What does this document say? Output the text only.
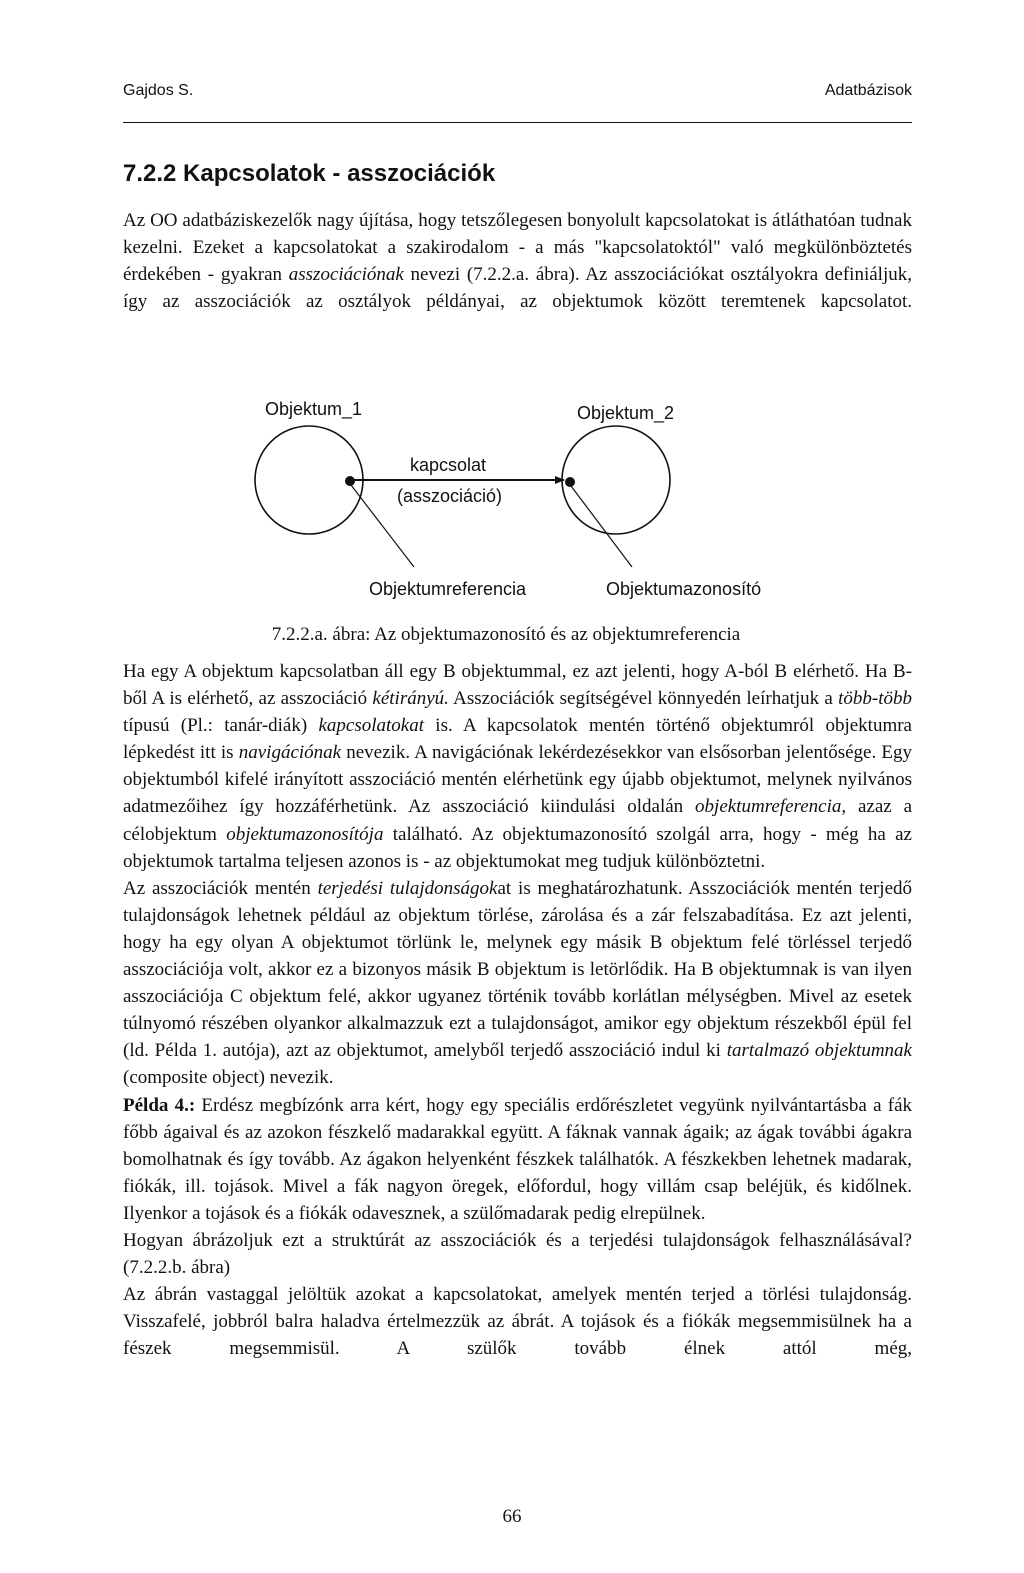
Gajdos S.	Adatbázisok
7.2.2 Kapcsolatok - asszociációk

Az OO adatbáziskezelők nagy újítása, hogy tetszőlegesen bonyolult kapcsolatokat is átláthatóan tudnak kezelni. Ezeket a kapcsolatokat a szakirodalom - a más "kapcsolatoktól" való megkülönböztetés érdekében - gyakran asszociációnak nevezi (7.2.2.a. ábra). Az asszociációkat osztályokra definiáljuk, így az asszociációk az osztályok példányai, az objektumok között teremtenek kapcsolatot.

Objektum_1	Objektum_2
kapcsolat
(asszociáció)
Objektumreferencia	Objektumazonosító
7.2.2.a. ábra: Az objektumazonosító és az objektumreferencia

Ha egy A objektum kapcsolatban áll egy B objektummal, ez azt jelenti, hogy A-ból B elérhető. Ha B-ből A is elérhető, az asszociáció kétirányú. Asszociációk segítségével könnyedén leírhatjuk a több-több típusú (Pl.: tanár-diák) kapcsolatokat is. A kapcsolatok mentén történő objektumról objektumra lépkedést itt is navigációnak nevezik. A navigációnak lekérdezésekkor van elsősorban jelentősége. Egy objektumból kifelé irányított asszociáció mentén elérhetünk egy újabb objektumot, melynek nyilvános adatmezőihez így hozzáférhetünk. Az asszociáció kiindulási oldalán objektumreferencia, azaz a célobjektum objektumazonosítója található. Az objektumazonosító szolgál arra, hogy - még ha az objektumok tartalma teljesen azonos is - az objektumokat meg tudjuk különböztetni.

Az asszociációk mentén terjedési tulajdonságokat is meghatározhatunk. Asszociációk mentén terjedő tulajdonságok lehetnek például az objektum törlése, zárolása és a zár felszabadítása. Ez azt jelenti, hogy ha egy olyan A objektumot törlünk le, melynek egy másik B objektum felé törléssel terjedő asszociációja volt, akkor ez a bizonyos másik B objektum is letörlődik. Ha B objektumnak is van ilyen asszociációja C objektum felé, akkor ugyanez történik tovább korlátlan mélységben. Mivel az esetek túlnyomó részében olyankor alkalmazzuk ezt a tulajdonságot, amikor egy objektum részekből épül fel (ld. Példa 1. autója), azt az objektumot, amelyből terjedő asszociáció indul ki tartalmazó objektumnak (composite object) nevezik.

Példa 4.: Erdész megbízónk arra kért, hogy egy speciális erdőrészletet vegyünk nyilvántartásba a fák főbb ágaival és az azokon fészkelő madarakkal együtt. A fáknak vannak ágaik; az ágak további ágakra bomolhatnak és így tovább. Az ágakon helyenként fészkek találhatók. A fészkekben lehetnek madarak, fiókák, ill. tojások. Mivel a fák nagyon öregek, előfordul, hogy villám csap beléjük, és kidőlnek. Ilyenkor a tojások és a fiókák odavesznek, a szülőmadarak pedig elrepülnek.

Hogyan ábrázoljuk ezt a struktúrát az asszociációk és a terjedési tulajdonságok felhasználásával? (7.2.2.b. ábra)

Az ábrán vastaggal jelöltük azokat a kapcsolatokat, amelyek mentén terjed a törlési tulajdonság. Visszafelé, jobbról balra haladva értelmezzük az ábrát. A tojások és a fiókák megsemmisülnek ha a fészek megsemmisül. A szülők tovább élnek attól még,

66
